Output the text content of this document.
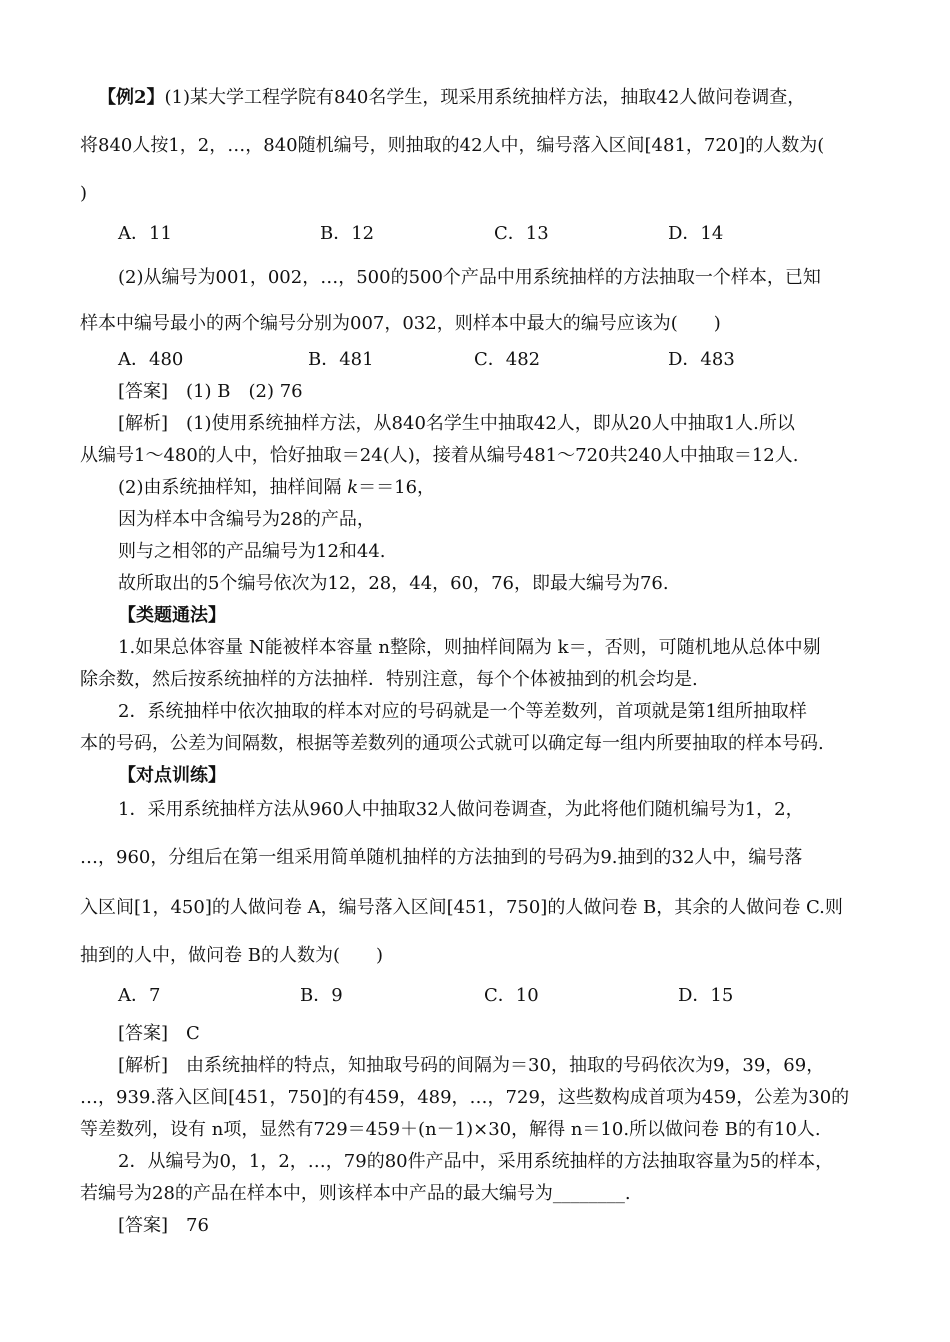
【例2】(1)某大学工程学院有840名学生，现采用系统抽样方法，抽取42人做问卷调查，

将840人按1，2，…，840随机编号，则抽取的42人中，编号落入区间[481，720]的人数为(

)

A．11	B．12	C．13	D．14

(2)从编号为001，002，…，500的500个产品中用系统抽样的方法抽取一个样本，已知

样本中编号最小的两个编号分别为007，032，则样本中最大的编号应该为(　　)

A．480	B．481	C．482	D．483

[答案]　(1) B　(2) 76

[解析]　(1)使用系统抽样方法，从840名学生中抽取42人，即从20人中抽取1人.所以

从编号1～480的人中，恰好抽取＝24(人)，接着从编号481～720共240人中抽取＝12人.

(2)由系统抽样知，抽样间隔 k＝＝16，

因为样本中含编号为28的产品，

则与之相邻的产品编号为12和44.

故所取出的5个编号依次为12，28，44，60，76，即最大编号为76.

【类题通法】

1.如果总体容量 N能被样本容量 n整除，则抽样间隔为 k＝，否则，可随机地从总体中剔

除余数，然后按系统抽样的方法抽样．特别注意，每个个体被抽到的机会均是.

2．系统抽样中依次抽取的样本对应的号码就是一个等差数列，首项就是第1组所抽取样

本的号码，公差为间隔数，根据等差数列的通项公式就可以确定每一组内所要抽取的样本号码.

【对点训练】

1．采用系统抽样方法从960人中抽取32人做问卷调查，为此将他们随机编号为1，2，

…，960，分组后在第一组采用简单随机抽样的方法抽到的号码为9.抽到的32人中，编号落

入区间[1，450]的人做问卷 A，编号落入区间[451，750]的人做问卷 B，其余的人做问卷 C.则

抽到的人中，做问卷 B的人数为(　　)

A．7	B．9	C．10	D．15

[答案]　C

[解析]　由系统抽样的特点，知抽取号码的间隔为＝30，抽取的号码依次为9，39，69，

…，939.落入区间[451，750]的有459，489，…，729，这些数构成首项为459，公差为30的

等差数列，设有 n项，显然有729＝459＋(n－1)×30，解得 n＝10.所以做问卷 B的有10人.

2．从编号为0，1，2，…，79的80件产品中，采用系统抽样的方法抽取容量为5的样本，

若编号为28的产品在样本中，则该样本中产品的最大编号为________.

[答案]　76
